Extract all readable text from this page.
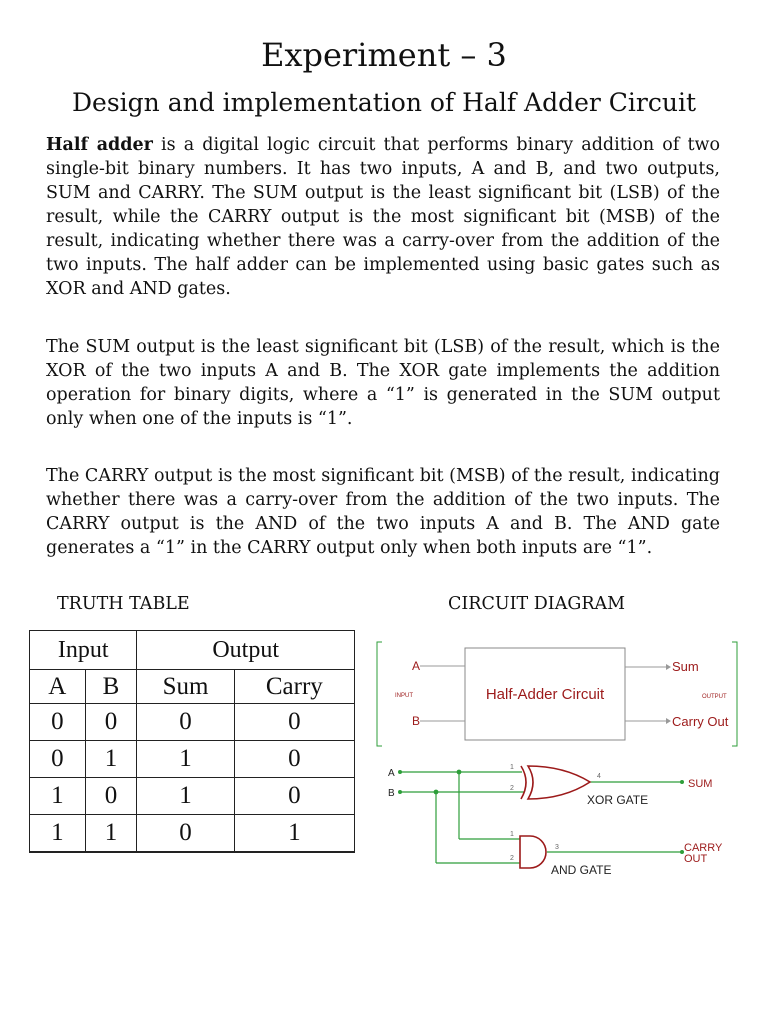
Experiment – 3
Design and implementation of Half Adder Circuit

Half adder is a digital logic circuit that performs binary addition of two single-bit binary numbers. It has two inputs, A and B, and two outputs, SUM and CARRY. The SUM output is the least significant bit (LSB) of the result, while the CARRY output is the most significant bit (MSB) of the result, indicating whether there was a carry-over from the addition of the two inputs. The half adder can be implemented using basic gates such as XOR and AND gates.

The SUM output is the least significant bit (LSB) of the result, which is the XOR of the two inputs A and B. The XOR gate implements the addition operation for binary digits, where a “1” is generated in the SUM output only when one of the inputs is “1”.

The CARRY output is the most significant bit (MSB) of the result, indicating whether there was a carry-over from the addition of the two inputs. The CARRY output is the AND of the two inputs A and B. The AND gate generates a “1” in the CARRY output only when both inputs are “1”.

TRUTH TABLE	CIRCUIT DIAGRAM
Input		Output	
A	B	Sum	Carry
0	0	0	0
0	1	1	0
1	0	1	0
1	1	0	1
Half-Adder Circuit
A
B
INPUT
Sum
OUTPUT
Carry Out
A
B
1
2
4
1
2
3
XOR GATE
AND GATE
SUM
CARRY
OUT
